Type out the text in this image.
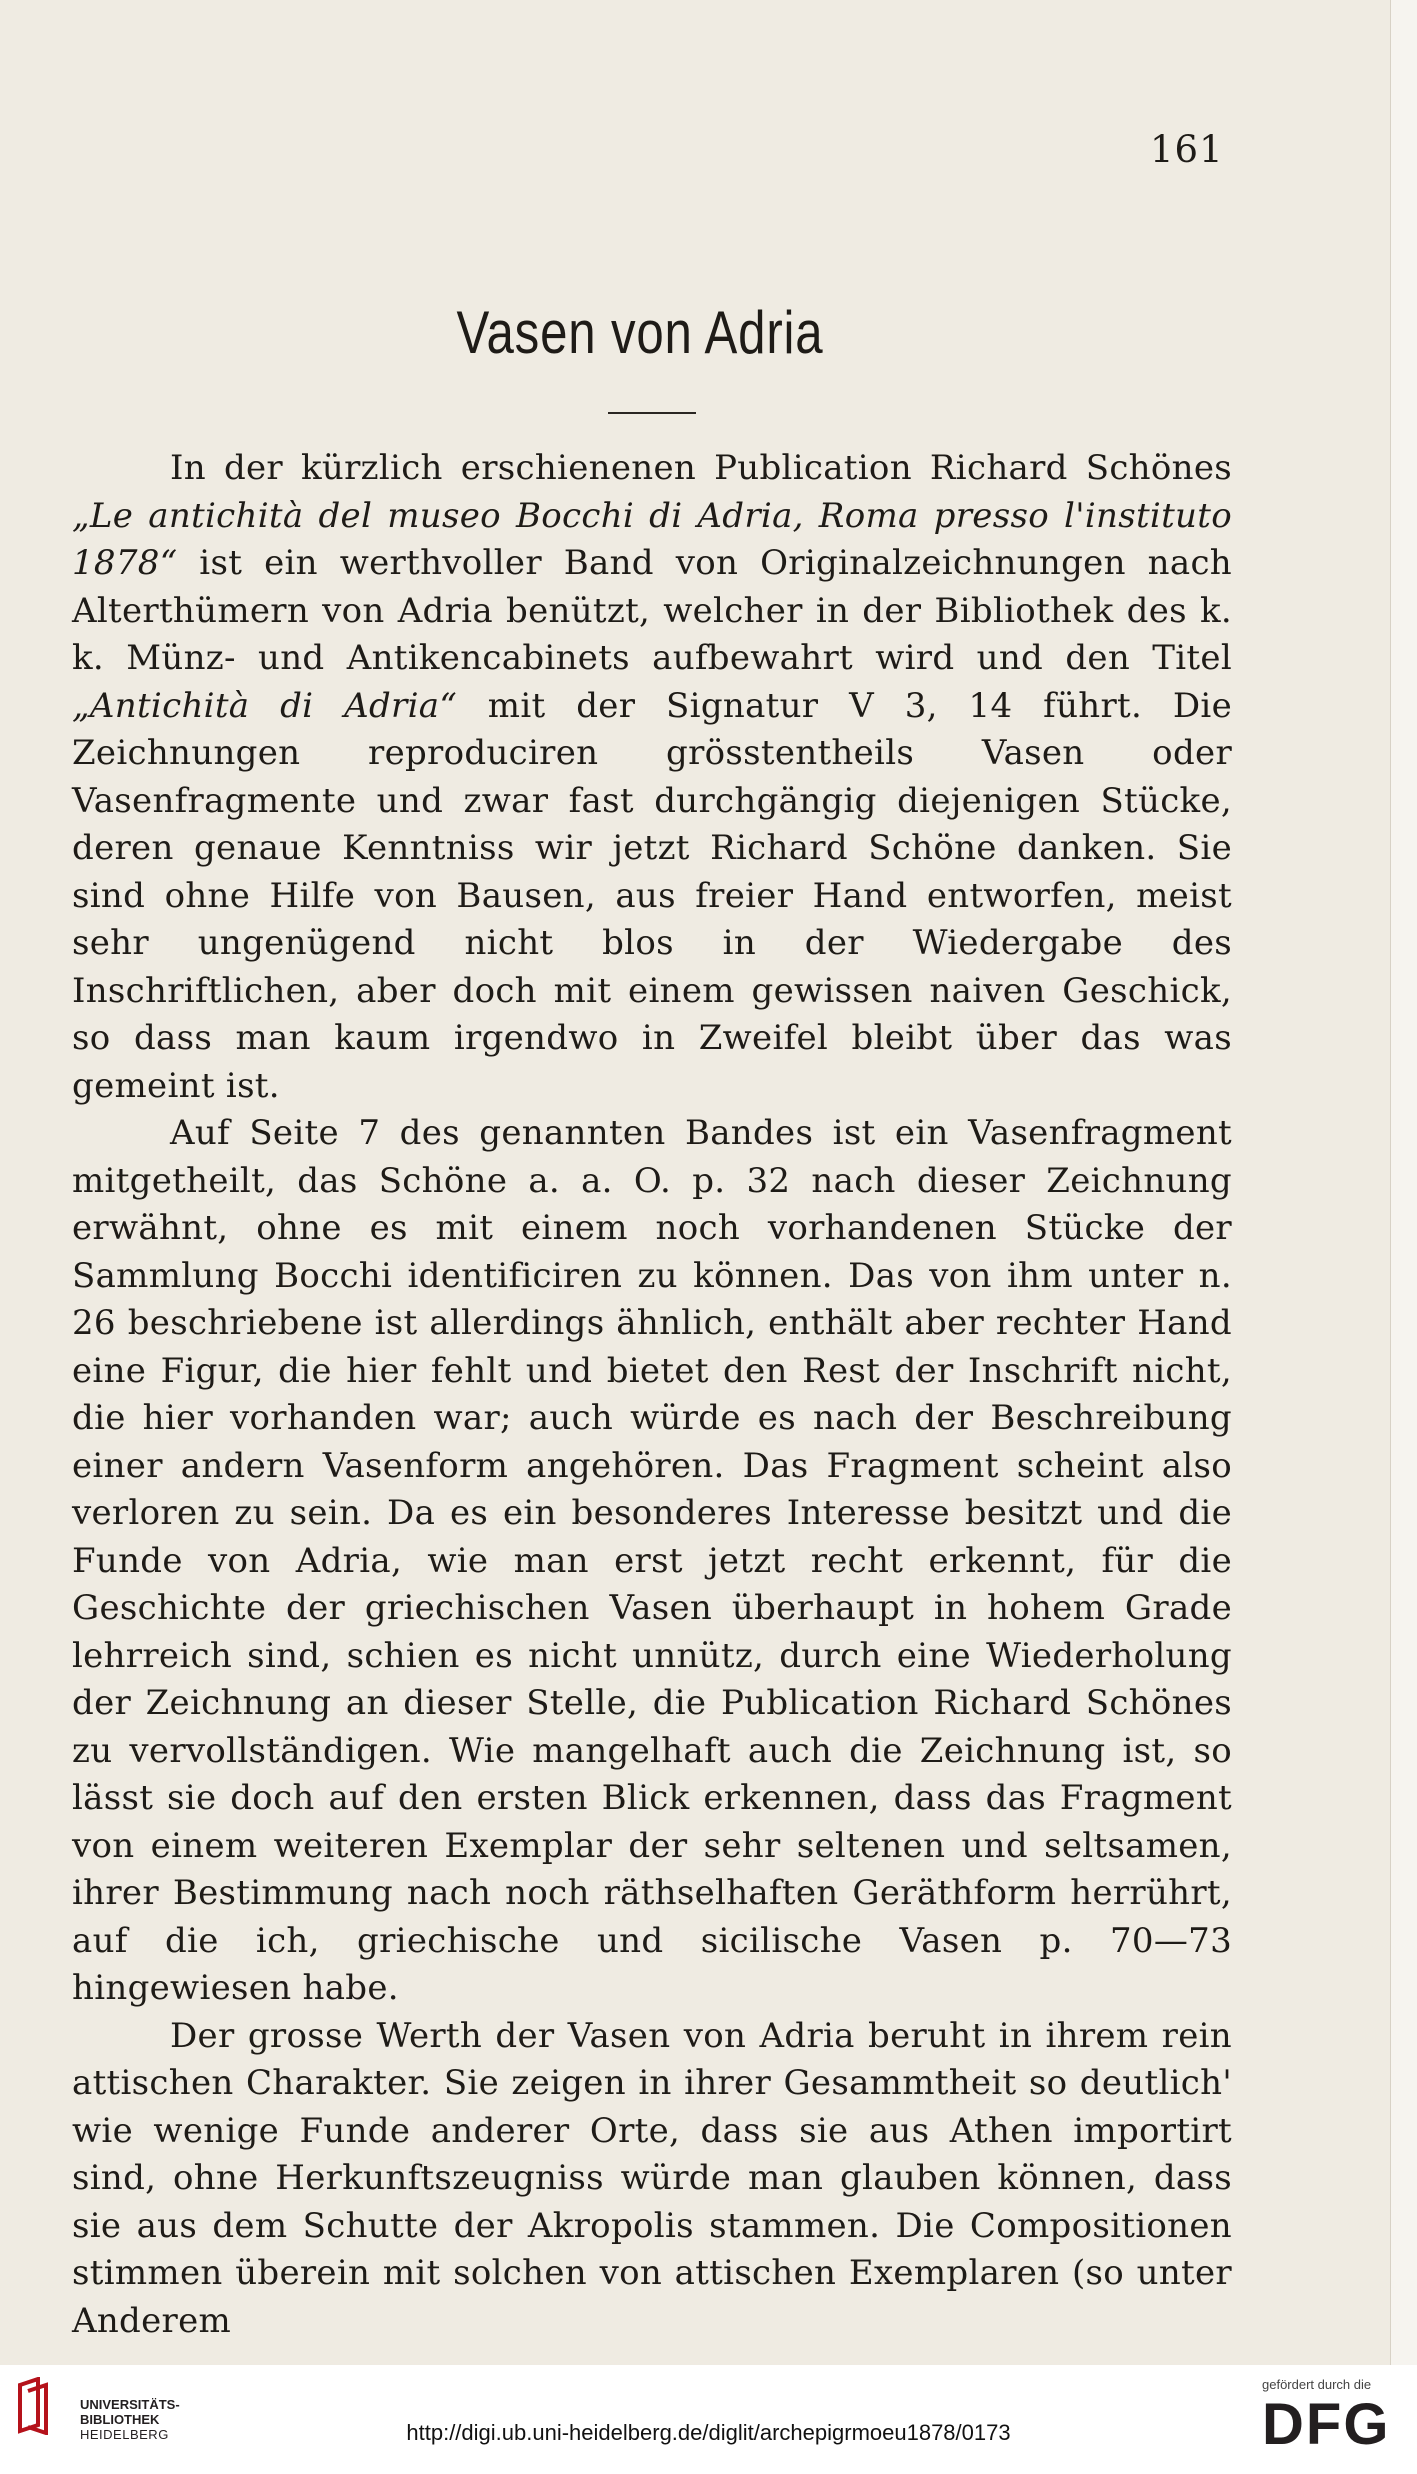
161
Vasen von Adria

In der kürzlich erschienenen Publication Richard Schönes „Le antichità del museo Bocchi di Adria, Roma presso l'instituto 1878“ ist ein werthvoller Band von Originalzeichnungen nach Alterthümern von Adria benützt, welcher in der Bibliothek des k. k. Münz- und Antikencabinets aufbewahrt wird und den Titel „Antichità di Adria“ mit der Signatur V 3, 14 führt. Die Zeichnungen reproduciren grösstentheils Vasen oder Vasenfragmente und zwar fast durchgängig diejenigen Stücke, deren genaue Kenntniss wir jetzt Richard Schöne danken. Sie sind ohne Hilfe von Bausen, aus freier Hand entworfen, meist sehr ungenügend nicht blos in der Wiedergabe des Inschriftlichen, aber doch mit einem gewissen naiven Geschick, so dass man kaum irgendwo in Zweifel bleibt über das was gemeint ist.

Auf Seite 7 des genannten Bandes ist ein Vasenfragment mitgetheilt, das Schöne a. a. O. p. 32 nach dieser Zeichnung erwähnt, ohne es mit einem noch vorhandenen Stücke der Sammlung Bocchi identificiren zu können. Das von ihm unter n. 26 beschriebene ist allerdings ähnlich, enthält aber rechter Hand eine Figur, die hier fehlt und bietet den Rest der Inschrift nicht, die hier vorhanden war; auch würde es nach der Beschreibung einer andern Vasenform angehören. Das Fragment scheint also verloren zu sein. Da es ein besonderes Interesse besitzt und die Funde von Adria, wie man erst jetzt recht erkennt, für die Geschichte der griechischen Vasen überhaupt in hohem Grade lehrreich sind, schien es nicht unnütz, durch eine Wiederholung der Zeichnung an dieser Stelle, die Publication Richard Schönes zu vervollständigen. Wie mangelhaft auch die Zeichnung ist, so lässt sie doch auf den ersten Blick erkennen, dass das Fragment von einem weiteren Exemplar der sehr seltenen und seltsamen, ihrer Bestimmung nach noch räthselhaften Geräthform herrührt, auf die ich, griechische und sicilische Vasen p. 70—73 hingewiesen habe.

Der grosse Werth der Vasen von Adria beruht in ihrem rein attischen Charakter. Sie zeigen in ihrer Gesammtheit so deutlich' wie wenige Funde anderer Orte, dass sie aus Athen importirt sind, ohne Herkunftszeugniss würde man glauben können, dass sie aus dem Schutte der Akropolis stammen. Die Compositionen stimmen überein mit solchen von attischen Exemplaren (so unter Anderem

UNIVERSITÄTS-
BIBLIOTHEK
HEIDELBERG	http://digi.ub.uni-heidelberg.de/diglit/archepigrmoeu1878/0173
gefördert durch die
DFG
